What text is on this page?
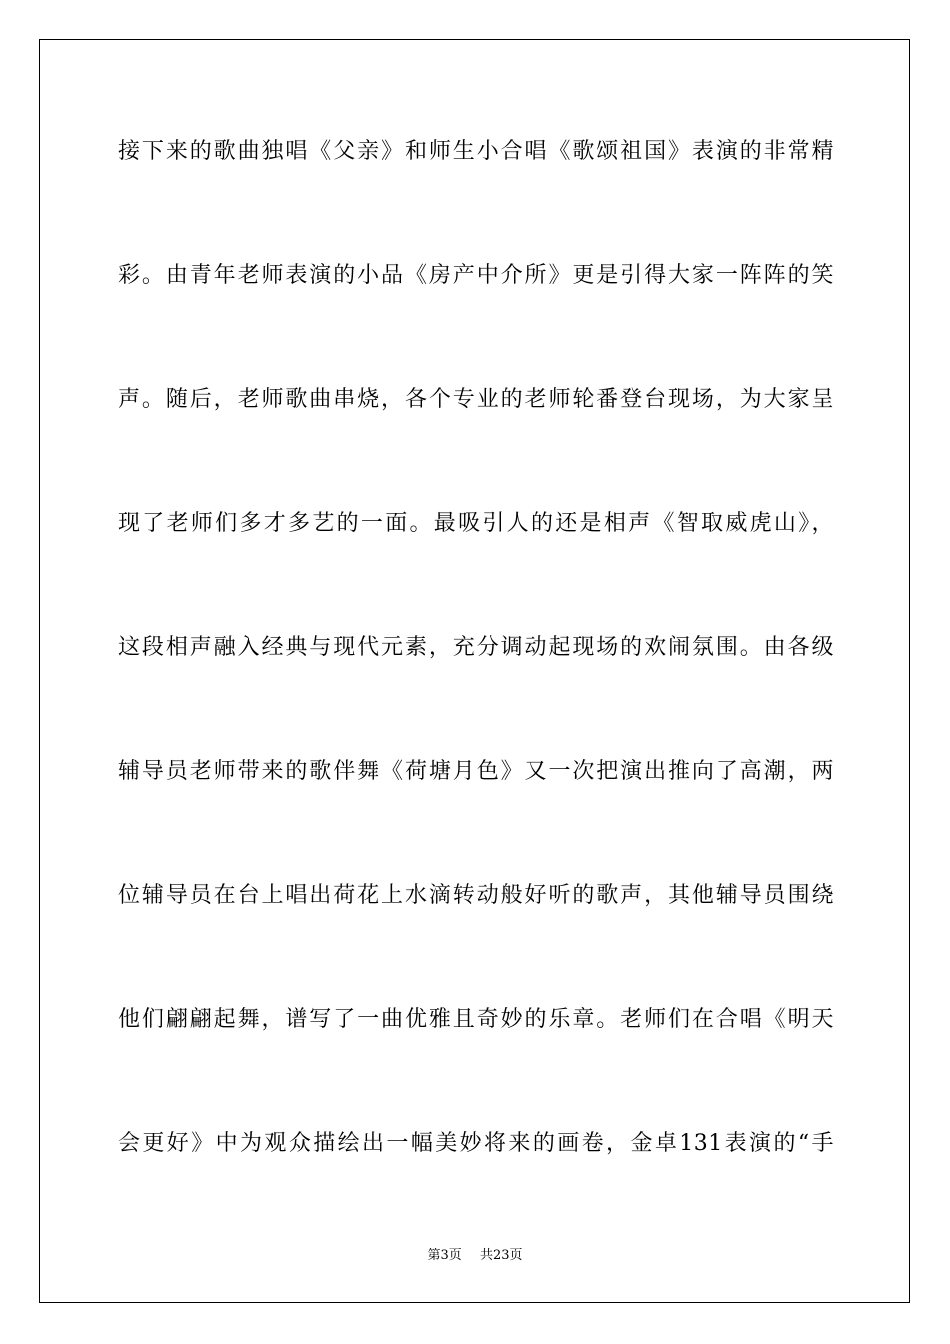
接下来的歌曲独唱《父亲》和师生小合唱《歌颂祖国》表演的非常精
彩。由青年老师表演的小品《房产中介所》更是引得大家一阵阵的笑
声。随后，老师歌曲串烧，各个专业的老师轮番登台现场，为大家呈
现了老师们多才多艺的一面。最吸引人的还是相声《智取威虎山》，
这段相声融入经典与现代元素，充分调动起现场的欢闹氛围。由各级
辅导员老师带来的歌伴舞《荷塘月色》又一次把演出推向了高潮，两
位辅导员在台上唱出荷花上水滴转动般好听的歌声，其他辅导员围绕
他们翩翩起舞，谱写了一曲优雅且奇妙的乐章。老师们在合唱《明天
会更好》中为观众描绘出一幅美妙将来的画卷，金卓131表演的“手
第3页 共23页
